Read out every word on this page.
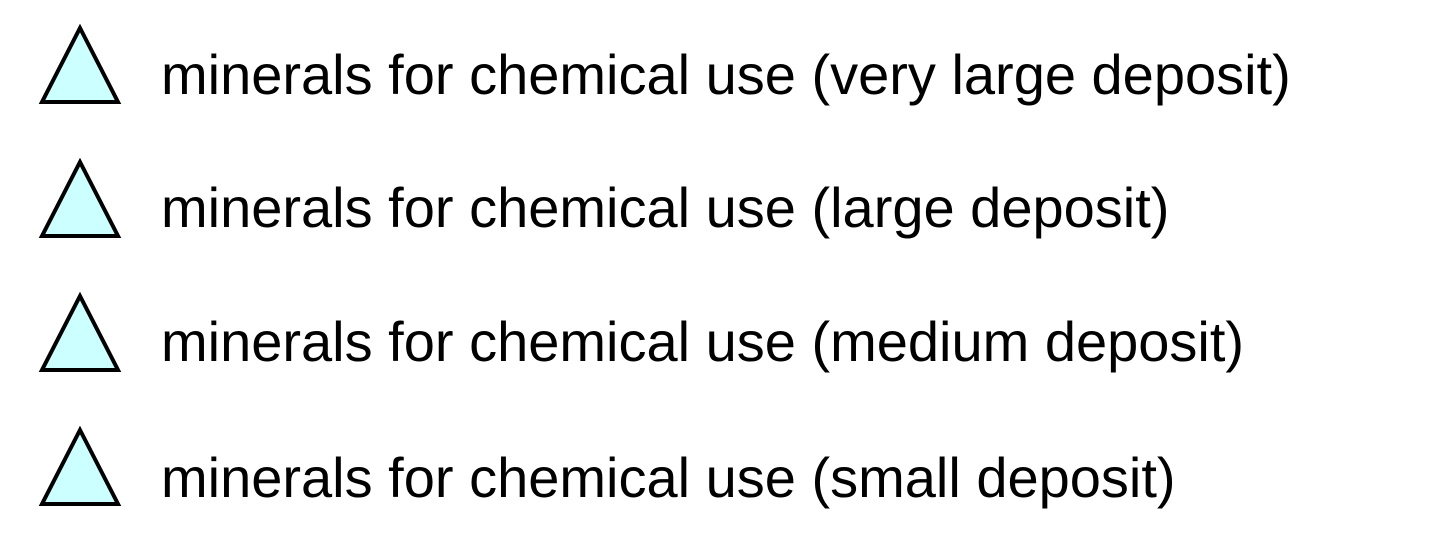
minerals for chemical use (very large deposit)
minerals for chemical use (large deposit)
minerals for chemical use (medium deposit)
minerals for chemical use (small deposit)
